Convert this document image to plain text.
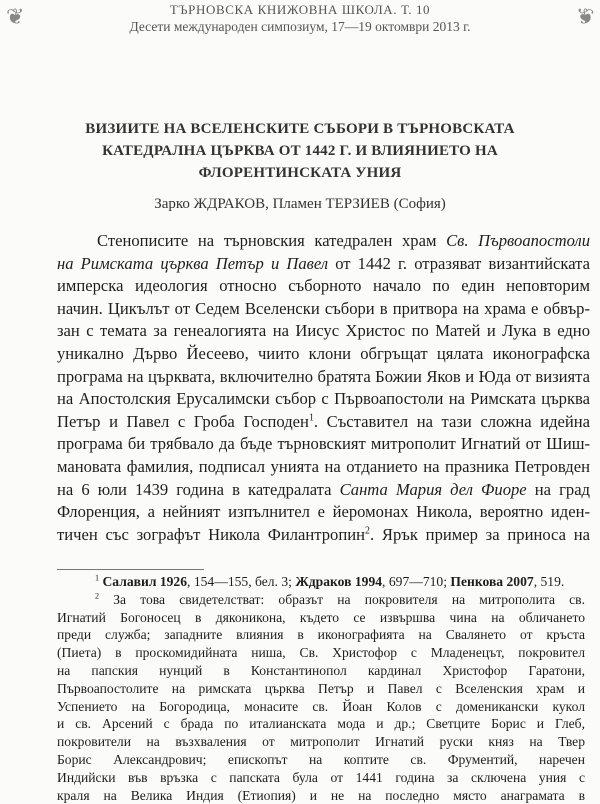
❦	❦
ТЪРНОВСКА КНИЖОВНА ШКОЛА. Т. 10
Десети международен симпозиум, 17—19 октомври 2013 г.
ВИЗИИТЕ НА ВСЕЛЕНСКИТЕ СЪБОРИ В ТЪРНОВСКАТА
КАТЕДРАЛНА ЦЪРКВА ОТ 1442 Г. И ВЛИЯНИЕТО НА
ФЛОРЕНТИНСКАТА УНИЯ
Зарко ЖДРАКОВ, Пламен ТЕРЗИЕВ (София)
Стенописите на търновския катедрален храм Св. Първоапостоли
на Римската църква Петър и Павел от 1442 г. отразяват византийската
имперска идеология относно съборното начало по един неповторим
начин. Цикълът от Седем Вселенски събори в притвора на храма е обвър-
зан с темата за генеалогията на Иисус Христос по Матей и Лука в едно
уникално Дърво Йесеево, чиито клони обгръщат цялата иконографска
програма на църквата, включително братята Божии Яков и Юда от визията
на Апостолския Ерусалимски събор с Първоапостоли на Римската църква
Петър и Павел с Гроба Господен$^1$. Съставител на тази сложна идейна
програма би трябвало да бъде търновският митрополит Игнатий от Шиш-
мановата фамилия, подписал унията на отданието на празника Петровден
на 6 юли 1439 година в катедралата Санта Мария дел Фиоре на град
Флоренция, а нейният изпълнител е йеромонах Никола, вероятно иден-
тичен със зографът Никола Филантропин$^2$. Ярък пример за приноса на
$^1$ Салавил 1926, 154—155, бел. 3; Ждраков 1994, 697—710; Пенкова 2007, 519.
$^2$ За това свидетелстват: образът на покровителя на митрополита св.
Игнатий Богоносец в дяконикона, където се извършва чина на обличането
преди служба; западните влияния в иконографията на Свалянето от кръста
(Пиета) в проскомидийната ниша, Св. Христофор с Младенецът, покровител
на папския нунций в Константинопол кардинал Христофор Гаратони,
Първоапостолите на римската църква Петър и Павел с Вселенския храм и
Успението на Богородица, монасите св. Йоан Колов с доменикански кукол
и св. Арсений с брада по италианската мода и др.; Светците Борис и Глеб,
покровители на възхваления от митрополит Игнатий руски княз на Твер
Борис Александрович; епископът на коптите св. Фрументий, наречен
Индийски във връзка с папската була от 1441 година за сключена уния с
краля на Велика Индия (Етиопия) и не на последно място анаграмата в
